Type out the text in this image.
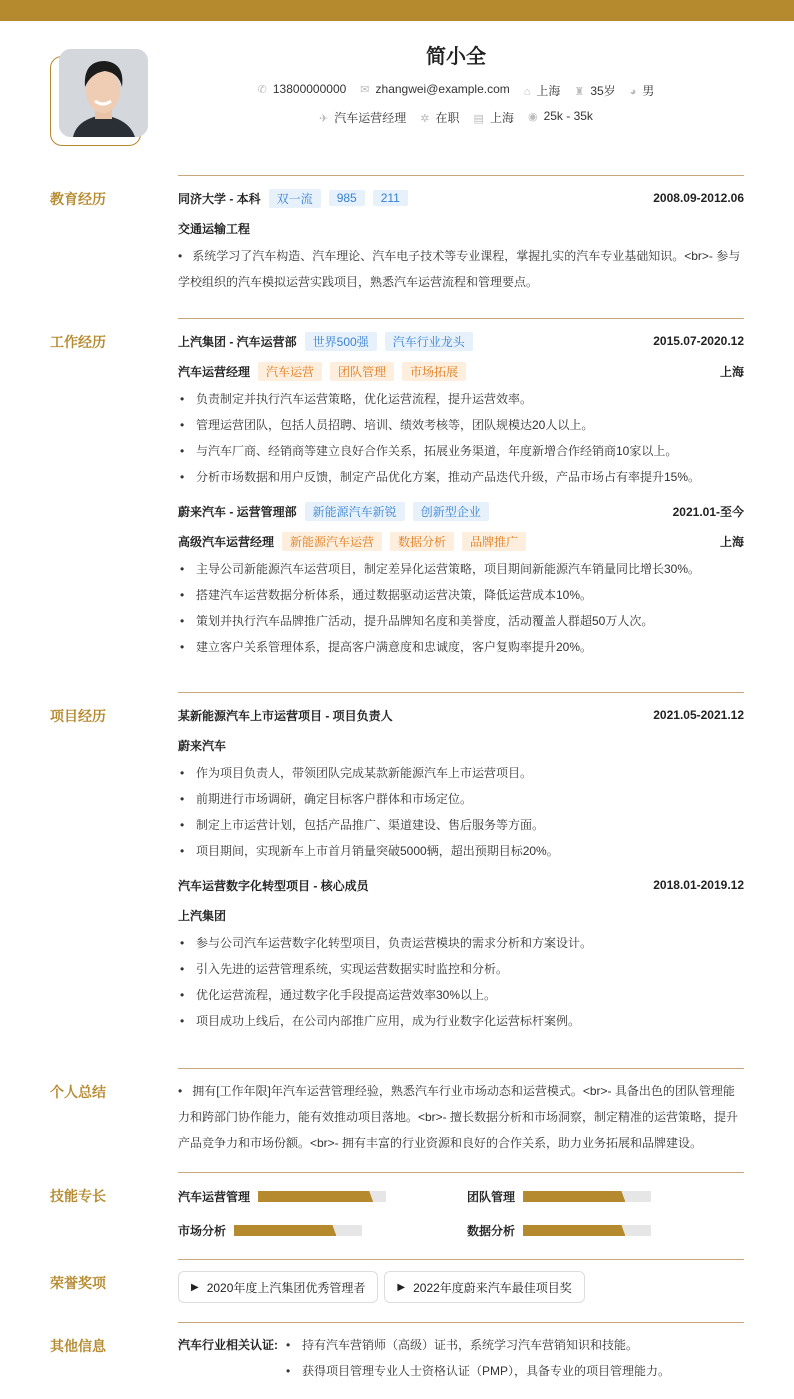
简小全
✆ 13800000000 ✉ zhangwei@example.com ⌂ 上海 ♜ 35岁 ◕ 男
✈ 汽车运营经理 ✲ 在职 ▤ 上海 ◉ 25k - 35k
教育经历	同济大学 - 本科	双一流	985	211	2008.09-2012.06
交通运输工程
• 系统学习了汽车构造、汽车理论、汽车电子技术等专业课程，掌握扎实的汽车专业基础知识。<br>- 参与学校组织的汽车模拟运营实践项目，熟悉汽车运营流程和管理要点。
工作经历	上汽集团 - 汽车运营部	世界500强	汽车行业龙头	2015.07-2020.12
汽车运营经理	汽车运营	团队管理	市场拓展	上海
• 负责制定并执行汽车运营策略，优化运营流程，提升运营效率。
• 管理运营团队，包括人员招聘、培训、绩效考核等，团队规模达20人以上。
• 与汽车厂商、经销商等建立良好合作关系，拓展业务渠道，年度新增合作经销商10家以上。
• 分析市场数据和用户反馈，制定产品优化方案，推动产品迭代升级，产品市场占有率提升15%。
蔚来汽车 - 运营管理部	新能源汽车新锐	创新型企业	2021.01-至今
高级汽车运营经理	新能源汽车运营	数据分析	品牌推广	上海
• 主导公司新能源汽车运营项目，制定差异化运营策略，项目期间新能源汽车销量同比增长30%。
• 搭建汽车运营数据分析体系，通过数据驱动运营决策，降低运营成本10%。
• 策划并执行汽车品牌推广活动，提升品牌知名度和美誉度，活动覆盖人群超50万人次。
• 建立客户关系管理体系，提高客户满意度和忠诚度，客户复购率提升20%。
项目经历	某新能源汽车上市运营项目 - 项目负责人	2021.05-2021.12
蔚来汽车
• 作为项目负责人，带领团队完成某款新能源汽车上市运营项目。
• 前期进行市场调研，确定目标客户群体和市场定位。
• 制定上市运营计划，包括产品推广、渠道建设、售后服务等方面。
• 项目期间，实现新车上市首月销量突破5000辆，超出预期目标20%。
汽车运营数字化转型项目 - 核心成员	2018.01-2019.12
上汽集团
• 参与公司汽车运营数字化转型项目，负责运营模块的需求分析和方案设计。
• 引入先进的运营管理系统，实现运营数据实时监控和分析。
• 优化运营流程，通过数字化手段提高运营效率30%以上。
• 项目成功上线后，在公司内部推广应用，成为行业数字化运营标杆案例。
个人总结	• 拥有[工作年限]年汽车运营管理经验，熟悉汽车行业市场动态和运营模式。<br>- 具备出色的团队管理能力和跨部门协作能力，能有效推动项目落地。<br>- 擅长数据分析和市场洞察，制定精准的运营策略，提升产品竞争力和市场份额。<br>- 拥有丰富的行业资源和良好的合作关系，助力业务拓展和品牌建设。
技能专长	汽车运营管理	团队管理
市场分析	数据分析
荣誉奖项	▶ 2020年度上汽集团优秀管理者	▶ 2022年度蔚来汽车最佳项目奖
其他信息	汽车行业相关认证:	• 持有汽车营销师（高级）证书，系统学习汽车营销知识和技能。
• 获得项目管理专业人士资格认证（PMP），具备专业的项目管理能力。
